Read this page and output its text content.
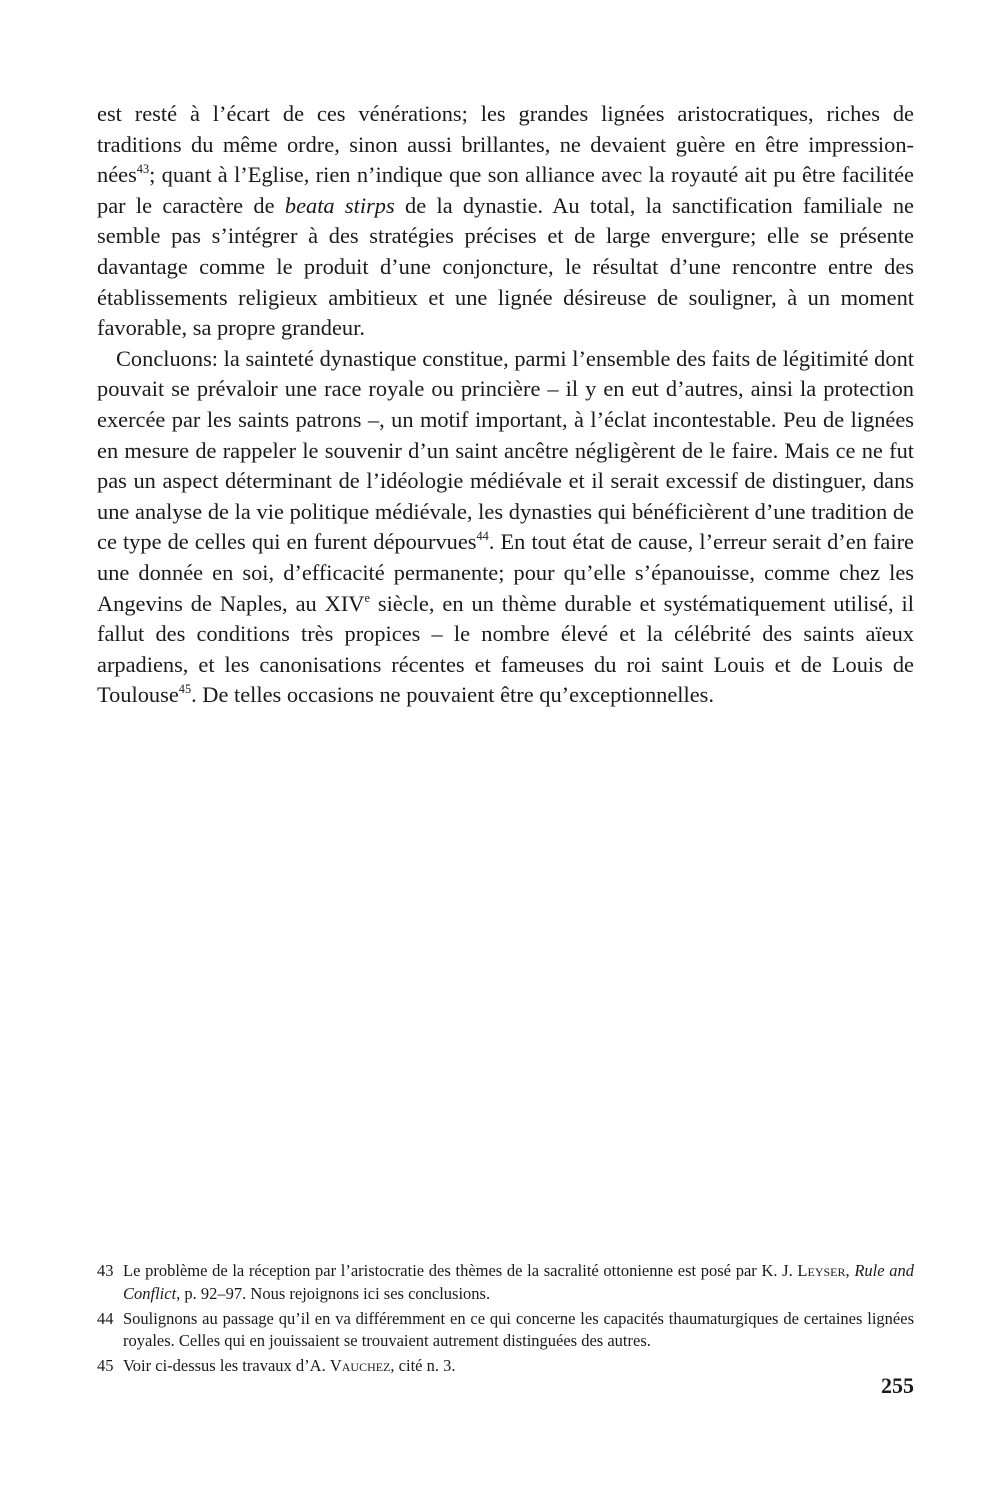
est resté à l’écart de ces vénérations; les grandes lignées aristocratiques, riches de traditions du même ordre, sinon aussi brillantes, ne devaient guère en être impression-nées$^{43}$; quant à l’Eglise, rien n’indique que son alliance avec la royauté ait pu être facilitée par le caractère de beata stirps de la dynastie. Au total, la sanctification familiale ne semble pas s’intégrer à des stratégies précises et de large envergure; elle se présente davantage comme le produit d’une conjoncture, le résultat d’une rencontre entre des établissements religieux ambitieux et une lignée désireuse de souligner, à un moment favorable, sa propre grandeur.

Concluons: la sainteté dynastique constitue, parmi l’ensemble des faits de légitimité dont pouvait se prévaloir une race royale ou princière – il y en eut d’autres, ainsi la protection exercée par les saints patrons –, un motif important, à l’éclat incontestable. Peu de lignées en mesure de rappeler le souvenir d’un saint ancêtre négligèrent de le faire. Mais ce ne fut pas un aspect déterminant de l’idéologie médiévale et il serait excessif de distinguer, dans une analyse de la vie politique médiévale, les dynasties qui bénéficièrent d’une tradition de ce type de celles qui en furent dépourvues$^{44}$. En tout état de cause, l’erreur serait d’en faire une donnée en soi, d’efficacité permanente; pour qu’elle s’épanouisse, comme chez les Angevins de Naples, au XIVe siècle, en un thème durable et systématiquement utilisé, il fallut des conditions très propices – le nombre élevé et la célébrité des saints aïeux arpadiens, et les canonisations récentes et fameuses du roi saint Louis et de Louis de Toulouse$^{45}$. De telles occasions ne pouvaient être qu’exceptionnelles.

43 Le problème de la réception par l’aristocratie des thèmes de la sacralité ottonienne est posé par K. J. Leyser, Rule and Conflict, p. 92–97. Nous rejoignons ici ses conclusions.
44 Soulignons au passage qu’il en va différemment en ce qui concerne les capacités thaumaturgiques de certaines lignées royales. Celles qui en jouissaient se trouvaient autrement distinguées des autres.
45 Voir ci-dessus les travaux d’A. Vauchez, cité n. 3.
255
